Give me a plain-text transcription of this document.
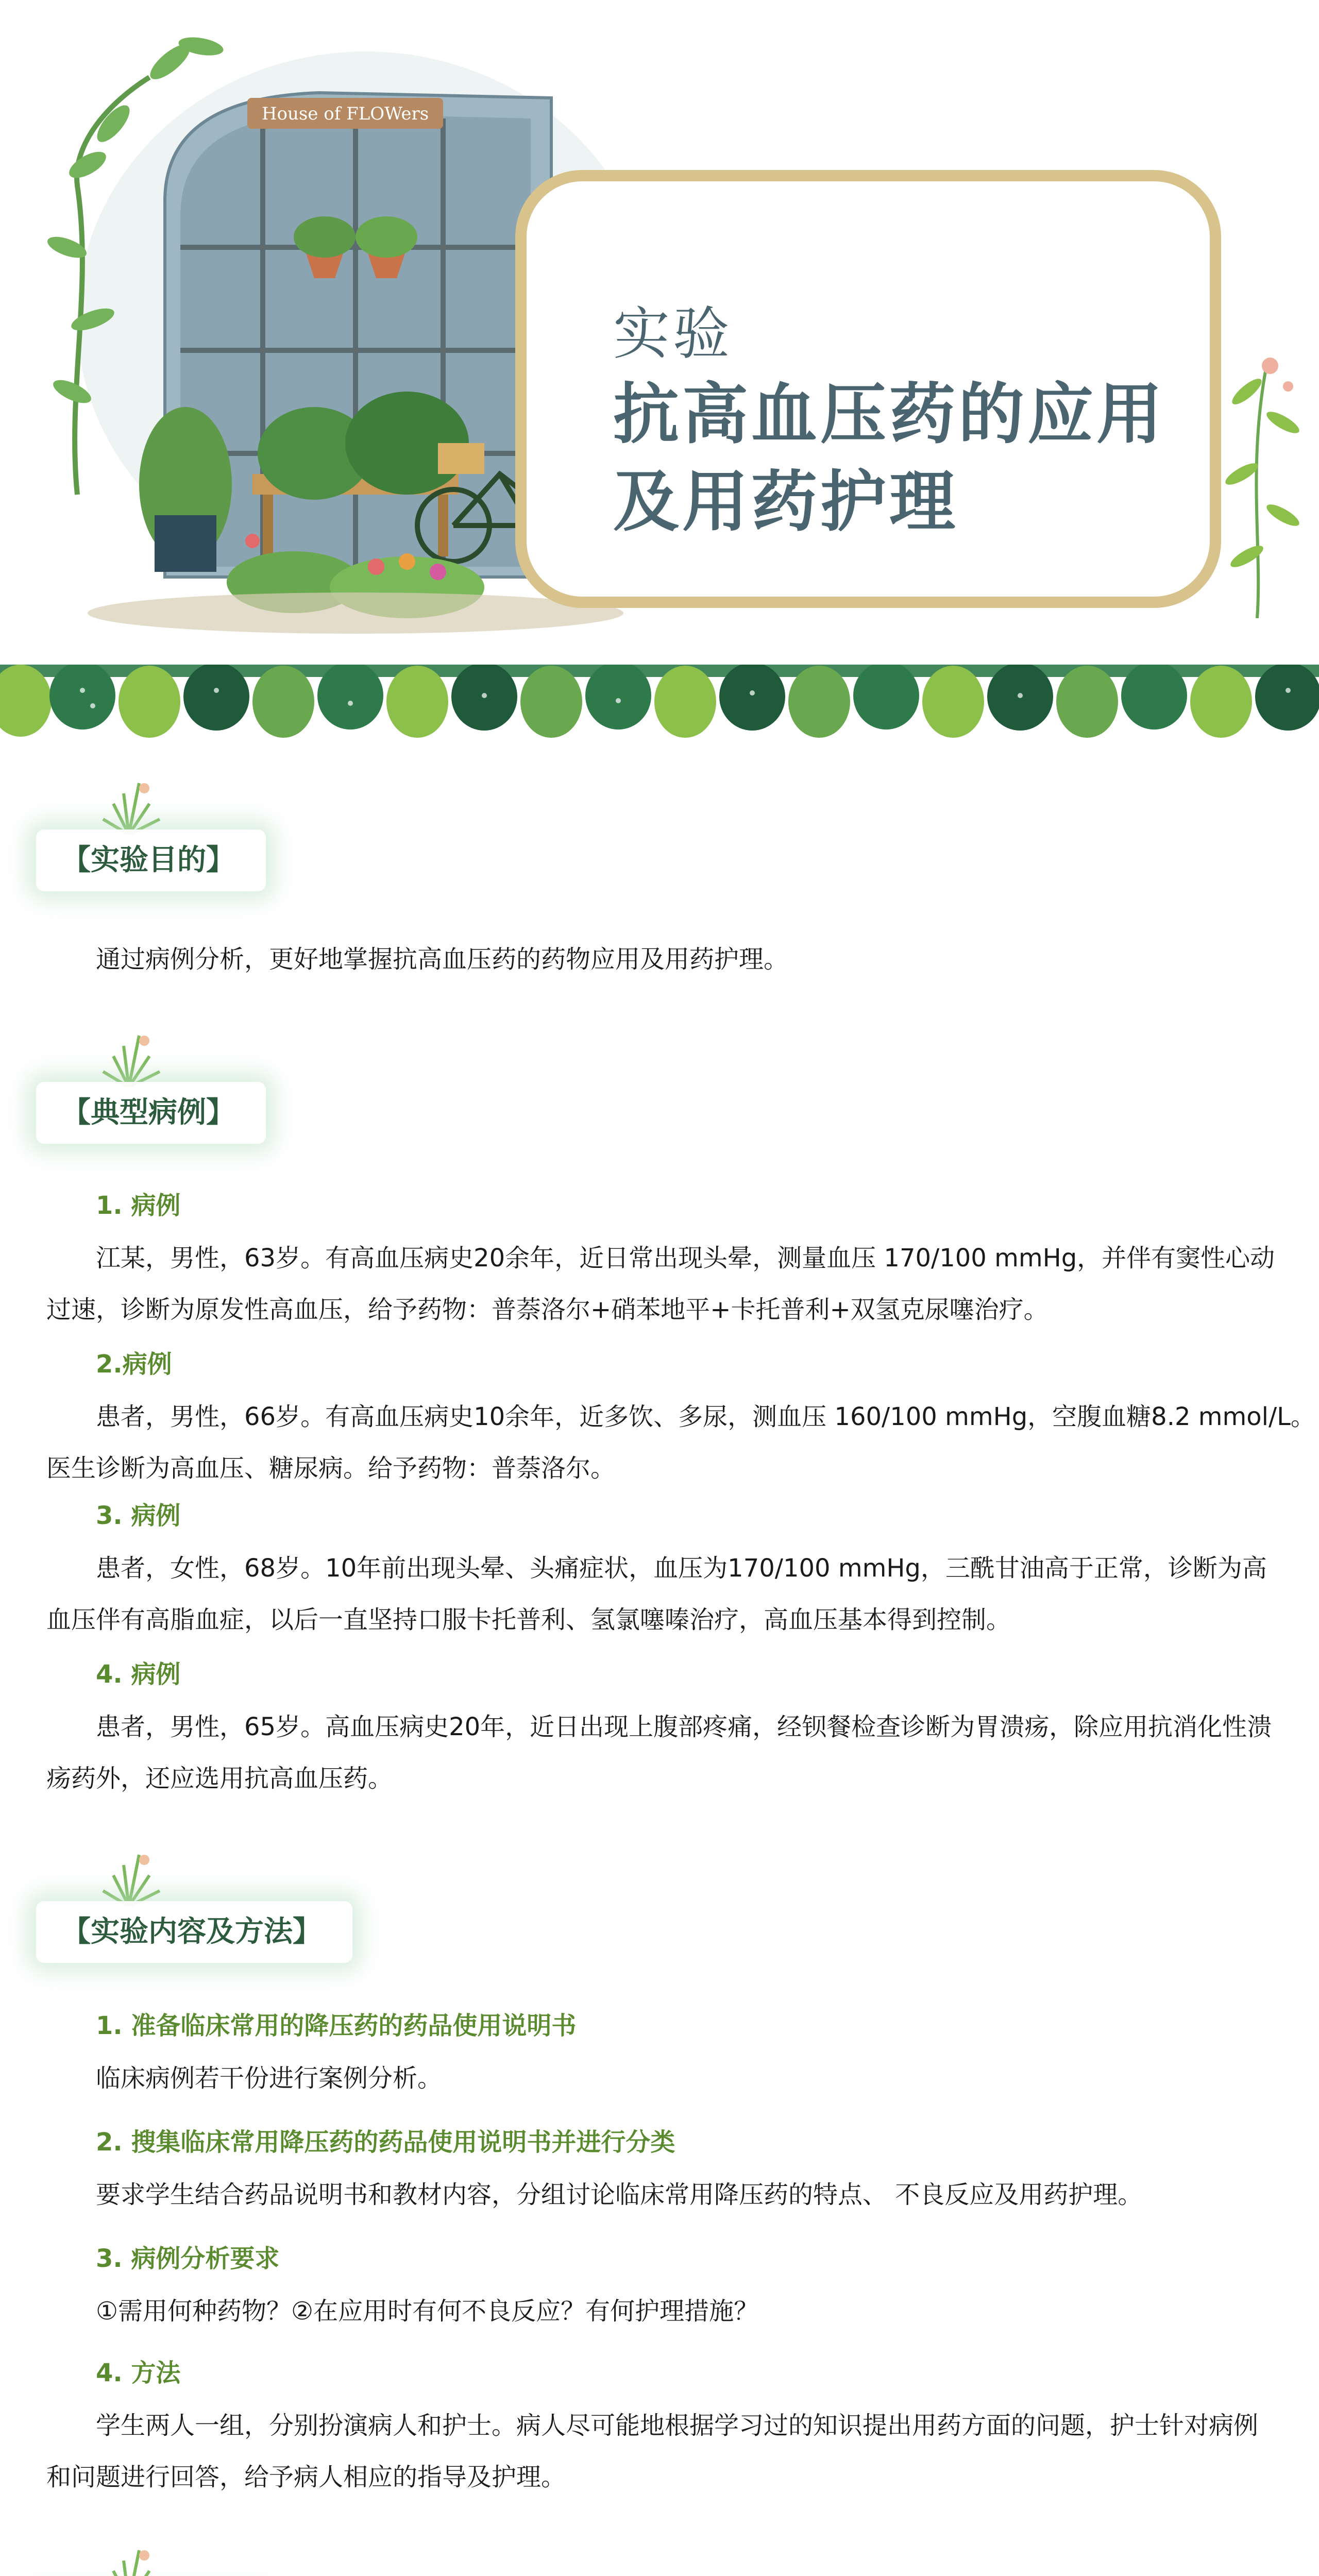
House of FLOWers
实验
抗高血压药的应用
及用药护理
【实验目的】
通过病例分析，更好地掌握抗高血压药的药物应用及用药护理。
【典型病例】
1. 病例
江某，男性，63岁。有高血压病史20余年，近日常出现头晕，测量血压 170/100 mmHg，并伴有窦性心动
过速，诊断为原发性高血压，给予药物：普萘洛尔+硝苯地平+卡托普利+双氢克尿噻治疗。
2.病例
患者，男性，66岁。有高血压病史10余年，近多饮、多尿，测血压 160/100 mmHg，空腹血糖8.2 mmol/L。
医生诊断为高血压、糖尿病。给予药物：普萘洛尔。
3. 病例
患者，女性，68岁。10年前出现头晕、头痛症状，血压为170/100 mmHg，三酰甘油高于正常，诊断为高
血压伴有高脂血症，以后一直坚持口服卡托普利、氢氯噻嗪治疗，高血压基本得到控制。
4. 病例
患者，男性，65岁。高血压病史20年，近日出现上腹部疼痛，经钡餐检查诊断为胃溃疡，除应用抗消化性溃
疡药外，还应选用抗高血压药。
【实验内容及方法】
1. 准备临床常用的降压药的药品使用说明书
临床病例若干份进行案例分析。
2. 搜集临床常用降压药的药品使用说明书并进行分类
要求学生结合药品说明书和教材内容，分组讨论临床常用降压药的特点、 不良反应及用药护理。
3. 病例分析要求
①需用何种药物？②在应用时有何不良反应？有何护理措施？
4. 方法
学生两人一组，分别扮演病人和护士。病人尽可能地根据学习过的知识提出用药方面的问题，护士针对病例
和问题进行回答，给予病人相应的指导及护理。
